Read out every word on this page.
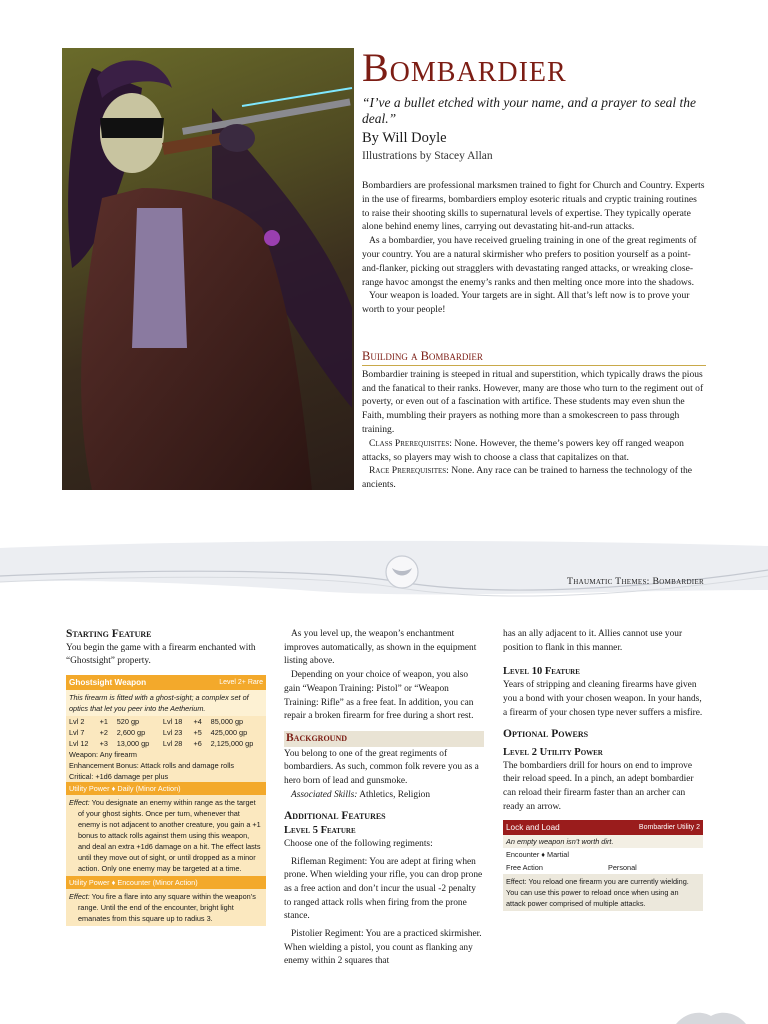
Bombardier
“I’ve a bullet etched with your name, and a prayer to seal the deal.”
By Will Doyle
Illustrations by Stacey Allan

Bombardiers are professional marksmen trained to fight for Church and Country. Experts in the use of firearms, bombardiers employ esoteric rituals and cryptic training routines to raise their shooting skills to supernatural levels of expertise. They typically operate alone behind enemy lines, carrying out devastating hit-and-run attacks.

As a bombardier, you have received grueling training in one of the great regiments of your country. You are a natural skirmisher who prefers to position yourself as a point-and-flanker, picking out stragglers with devastating ranged attacks, or wreaking close-range havoc amongst the enemy’s ranks and then melting once more into the shadows.

Your weapon is loaded. Your targets are in sight. All that’s left now is to prove your worth to your people!

Building a Bombardier

Bombardier training is steeped in ritual and superstition, which typically draws the pious and the fanatical to their ranks. However, many are those who turn to the regiment out of poverty, or even out of a fascination with artifice. These students may even shun the Faith, mumbling their prayers as nothing more than a smokescreen to pass through training.

Class Prerequisites: None. However, the theme’s powers key off ranged weapon attacks, so players may wish to choose a class that capitalizes on that.

Race Prerequisites: None. Any race can be trained to harness the technology of the ancients.

Thaumatic Themes: Bombardier
Starting Feature

You begin the game with a firearm enchanted with “Ghostsight” property.

Ghostsight Weapon	Level 2+ Rare
This firearm is fitted with a ghost-sight; a complex set of optics that let you peer into the Aetherium.
Lvl 2	+1	520 gp	Lvl 18	+4	85,000 gp
Lvl 7	+2	2,600 gp	Lvl 23	+5	425,000 gp
Lvl 12	+3	13,000 gp	Lvl 28	+6	2,125,000 gp
Weapon: Any firearm
Enhancement Bonus: Attack rolls and damage rolls
Critical: +1d6 damage per plus
Utility Power ♦ Daily (Minor Action)
Effect: You designate an enemy within range as the target of your ghost sights. Once per turn, whenever that enemy is not adjacent to another creature, you gain a +1 bonus to attack rolls against them using this weapon, and deal an extra +1d6 damage on a hit. The effect lasts until they move out of sight, or until dropped as a minor action. Only one enemy may be targeted at a time.
Utility Power ♦ Encounter (Minor Action)
Effect: You fire a flare into any square within the weapon’s range. Until the end of the encounter, bright light emanates from this square up to radius 3.

As you level up, the weapon’s enchantment improves automatically, as shown in the equipment listing above.

Depending on your choice of weapon, you also gain “Weapon Training: Pistol” or “Weapon Training: Rifle” as a free feat. In addition, you can repair a broken firearm for free during a short rest.

Background

You belong to one of the great regiments of bombardiers. As such, common folk revere you as a hero born of lead and gunsmoke.

Associated Skills: Athletics, Religion

Additional Features
Level 5 Feature

Choose one of the following regiments:

Rifleman Regiment: You are adept at firing when prone. When wielding your rifle, you can drop prone as a free action and don’t incur the usual -2 penalty to ranged attack rolls when firing from the prone stance.

Pistolier Regiment: You are a practiced skirmisher. When wielding a pistol, you count as flanking any enemy within 2 squares that

has an ally adjacent to it. Allies cannot use your position to flank in this manner.

Level 10 Feature

Years of stripping and cleaning firearms have given you a bond with your chosen weapon. In your hands, a firearm of your chosen type never suffers a misfire.

Optional Powers
Level 2 Utility Power

The bombardiers drill for hours on end to improve their reload speed. In a pinch, an adept bombardier can reload their firearm faster than an archer can ready an arrow.

Lock and Load	Bombardier Utility 2
An empty weapon isn’t worth dirt.
Encounter ♦ Martial
Free Action	Personal
Effect: You reload one firearm you are currently wielding. You can use this power to reload once when using an attack power comprised of multiple attacks.
